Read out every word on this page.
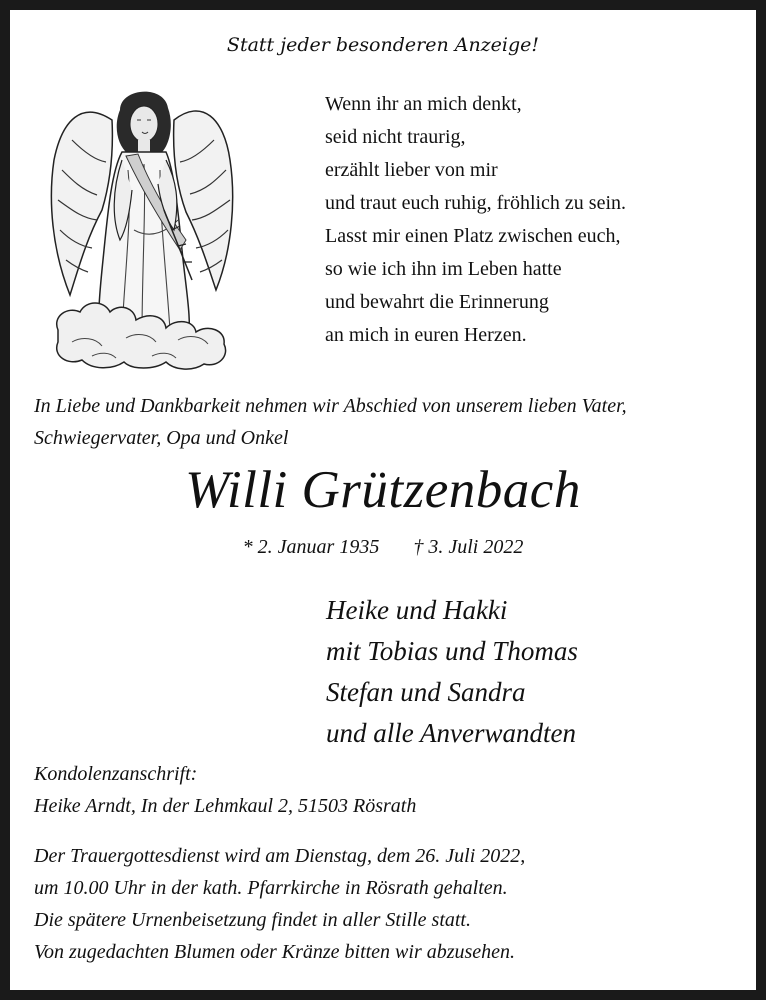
Statt jeder besonderen Anzeige!
Wenn ihr an mich denkt,
seid nicht traurig,
erzählt lieber von mir
und traut euch ruhig, fröhlich zu sein.
Lasst mir einen Platz zwischen euch,
so wie ich ihn im Leben hatte
und bewahrt die Erinnerung
an mich in euren Herzen.
In Liebe und Dankbarkeit nehmen wir Abschied von unserem lieben Vater, Schwiegervater, Opa und Onkel
Willi Grützenbach
* 2. Januar 1935 † 3. Juli 2022
Heike und Hakki
mit Tobias und Thomas
Stefan und Sandra
und alle Anverwandten
Kondolenzanschrift:
Heike Arndt, In der Lehmkaul 2, 51503 Rösrath
Der Trauergottesdienst wird am Dienstag, dem 26. Juli 2022,
um 10.00 Uhr in der kath. Pfarrkirche in Rösrath gehalten.
Die spätere Urnenbeisetzung findet in aller Stille statt.
Von zugedachten Blumen oder Kränze bitten wir abzusehen.
